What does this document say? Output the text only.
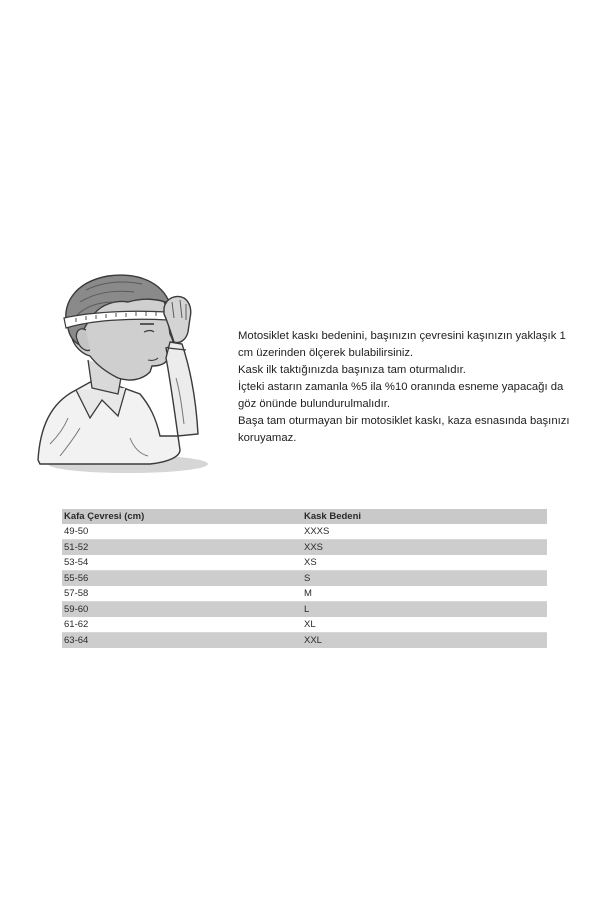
Motosiklet kaskı bedenini, başınızın çevresini kaşınızın yaklaşık 1 cm üzerinden ölçerek bulabilirsiniz.

Kask ilk taktığınızda başınıza tam oturmalıdır.

İçteki astarın zamanla %5 ila %10 oranında esneme yapacağı da göz önünde bulundurulmalıdır.

Başa tam oturmayan bir motosiklet kaskı, kaza esnasında başınızı koruyamaz.

Kafa Çevresi (cm)	Kask Bedeni
49-50	XXXS
51-52	XXS
53-54	XS
55-56	S
57-58	M
59-60	L
61-62	XL
63-64	XXL
